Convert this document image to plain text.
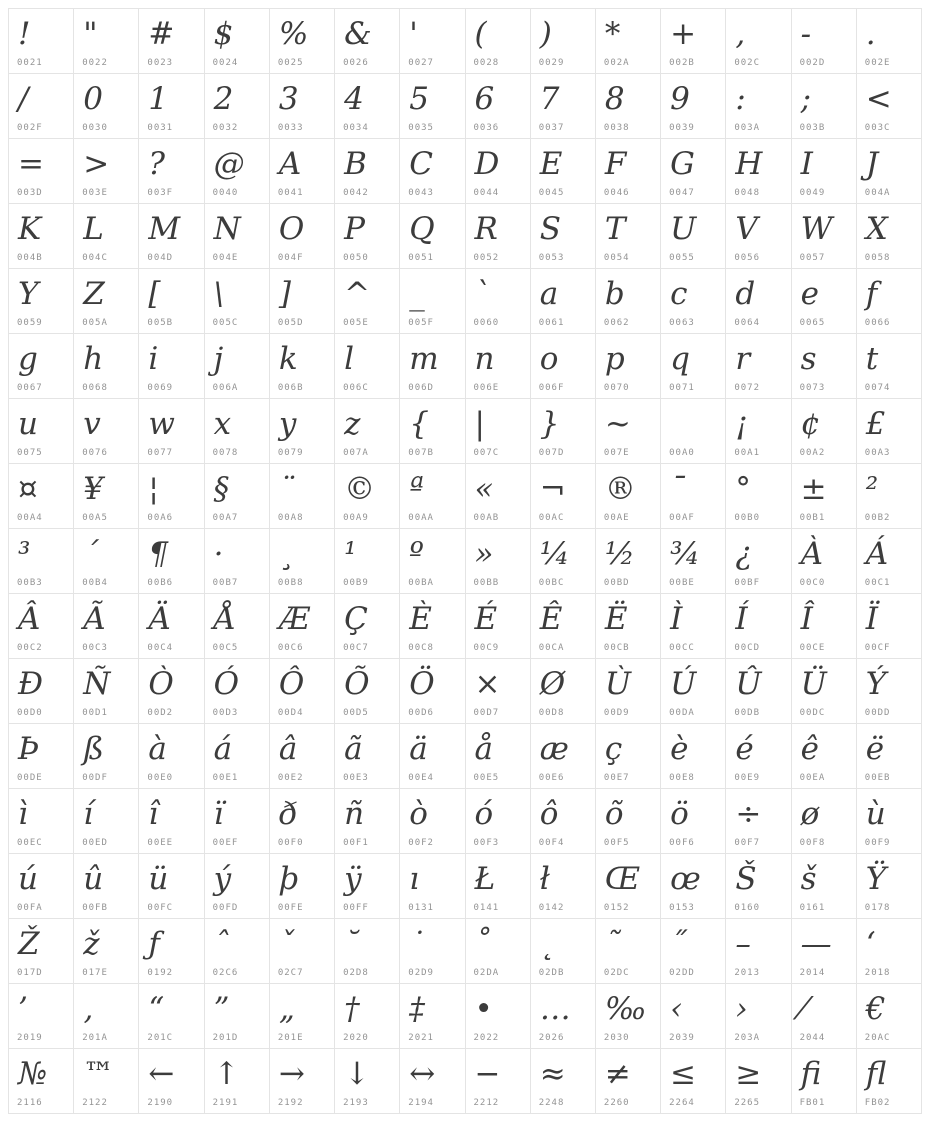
!
0021
"
0022
#
0023
$
0024
%
0025
&
0026
'
0027
(
0028
)
0029
*
002A
+
002B
,
002C
-
002D
.
002E
/
002F
0
0030
1
0031
2
0032
3
0033
4
0034
5
0035
6
0036
7
0037
8
0038
9
0039
:
003A
;
003B
<
003C
=
003D
>
003E
?
003F
@
0040
A
0041
B
0042
C
0043
D
0044
E
0045
F
0046
G
0047
H
0048
I
0049
J
004A
K
004B
L
004C
M
004D
N
004E
O
004F
P
0050
Q
0051
R
0052
S
0053
T
0054
U
0055
V
0056
W
0057
X
0058
Y
0059
Z
005A
[
005B
\
005C
]
005D
^
005E
_
005F
`
0060
a
0061
b
0062
c
0063
d
0064
e
0065
f
0066
g
0067
h
0068
i
0069
j
006A
k
006B
l
006C
m
006D
n
006E
o
006F
p
0070
q
0071
r
0072
s
0073
t
0074
u
0075
v
0076
w
0077
x
0078
y
0079
z
007A
{
007B
|
007C
}
007D
~
007E
	00A0
¡
00A1
¢
00A2
£
00A3
¤
00A4
¥
00A5
¦
00A6
§
00A7
¨
00A8
©
00A9
ª
00AA
«
00AB
¬
00AC
®
00AE
¯
00AF
°
00B0
±
00B1
²
00B2
³
00B3
´
00B4
¶
00B6
·
00B7
¸
00B8
¹
00B9
º
00BA
»
00BB
¼
00BC
½
00BD
¾
00BE
¿
00BF
À
00C0
Á
00C1
Â
00C2
Ã
00C3
Ä
00C4
Å
00C5
Æ
00C6
Ç
00C7
È
00C8
É
00C9
Ê
00CA
Ë
00CB
Ì
00CC
Í
00CD
Î
00CE
Ï
00CF
Ð
00D0
Ñ
00D1
Ò
00D2
Ó
00D3
Ô
00D4
Õ
00D5
Ö
00D6
×
00D7
Ø
00D8
Ù
00D9
Ú
00DA
Û
00DB
Ü
00DC
Ý
00DD
Þ
00DE
ß
00DF
à
00E0
á
00E1
â
00E2
ã
00E3
ä
00E4
å
00E5
æ
00E6
ç
00E7
è
00E8
é
00E9
ê
00EA
ë
00EB
ì
00EC
í
00ED
î
00EE
ï
00EF
ð
00F0
ñ
00F1
ò
00F2
ó
00F3
ô
00F4
õ
00F5
ö
00F6
÷
00F7
ø
00F8
ù
00F9
ú
00FA
û
00FB
ü
00FC
ý
00FD
þ
00FE
ÿ
00FF
ı
0131
Ł
0141
ł
0142
Œ
0152
œ
0153
Š
0160
š
0161
Ÿ
0178
Ž
017D
ž
017E
ƒ
0192
ˆ
02C6
ˇ
02C7
˘
02D8
˙
02D9
˚
02DA
˛
02DB
˜
02DC
˝
02DD
–
2013
—
2014
‘
2018
’
2019
‚
201A
“
201C
”
201D
„
201E
†
2020
‡
2021
•
2022
…
2026
‰
2030
‹
2039
›
203A
⁄
2044
€
20AC
№
2116
™
2122
←
2190
↑
2191
→
2192
↓
2193
↔
2194
−
2212
≈
2248
≠
2260
≤
2264
≥
2265
ﬁ
FB01
ﬂ
FB02
